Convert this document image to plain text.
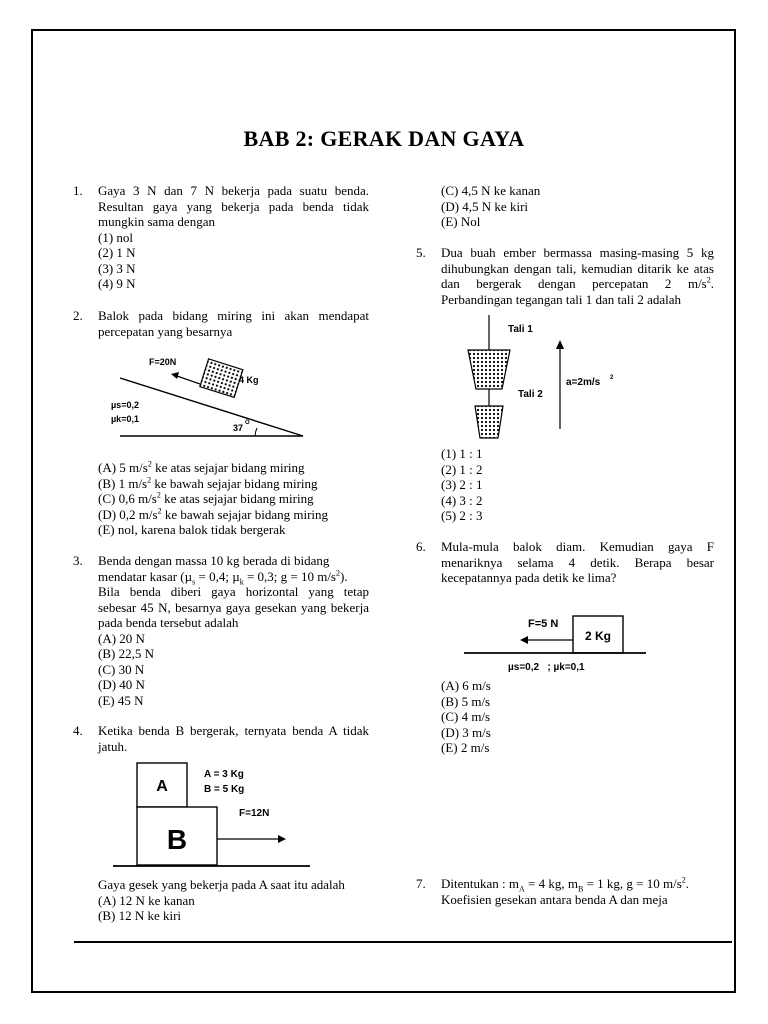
BAB 2: GERAK DAN GAYA
1. Gaya 3 N dan 7 N bekerja pada suatu benda. Resultan gaya yang bekerja pada benda tidak mungkin sama dengan
(1) nol
(2) 1 N
(3) 3 N
(4) 9 N
2. Balok pada bidang miring ini akan mendapat percepatan yang besarnya
(A) 5 $m/s^2$ ke atas sejajar bidang miring
(B) 1 $m/s^2$ ke bawah sejajar bidang miring
(C) 0,6 $m/s^2$ ke atas sejajar bidang miring
(D) 0,2 $m/s^2$ ke bawah sejajar bidang miring
(E) nol, karena balok tidak bergerak
3. Benda dengan massa 10 kg berada di bidang
mendatar kasar (µ$_s$ = 0,4; µ$_k$ = 0,3; g = 10 $m/s^2$).
Bila benda diberi gaya horizontal yang tetap sebesar 45 N, besarnya gaya gesekan yang bekerja pada benda tersebut adalah
(A) 20 N
(B) 22,5 N
(C) 30 N
(D) 40 N
(E) 45 N
4. Ketika benda B bergerak, ternyata benda A tidak jatuh.
Gaya gesek yang bekerja pada A saat itu adalah
(A) 12 N ke kanan
(B) 12 N ke kiri
F=20N
4 Kg
µs=0,2
µk=0,1
37 O
A
B
A = 3 Kg
B = 5 Kg
F=12N
(C) 4,5 N ke kanan
(D) 4,5 N ke kiri
(E) Nol
5. Dua buah ember bermassa masing-masing 5 kg dihubungkan dengan tali, kemudian ditarik ke atas dan bergerak dengan percepatan 2 $m/s^2$. Perbandingan tegangan tali 1 dan tali 2 adalah
(1) 1 : 1
(2) 1 : 2
(3) 2 : 1
(4) 3 : 2
(5) 2 : 3
6. Mula-mula balok diam. Kemudian gaya F menariknya selama 4 detik. Berapa besar kecepatannya pada detik ke lima?
(A) 6 m/s
(B) 5 m/s
(C) 4 m/s
(D) 3 m/s
(E) 2 m/s
7. Ditentukan : $m_A = 4$ kg, $m_B = 1$ kg, g = 10 $m/s^2$.
Koefisien gesekan antara benda A dan meja
Tali 1
Tali 2
a=2m/s 2
2 Kg
F=5 N
µs=0,2   ; µk=0,1
